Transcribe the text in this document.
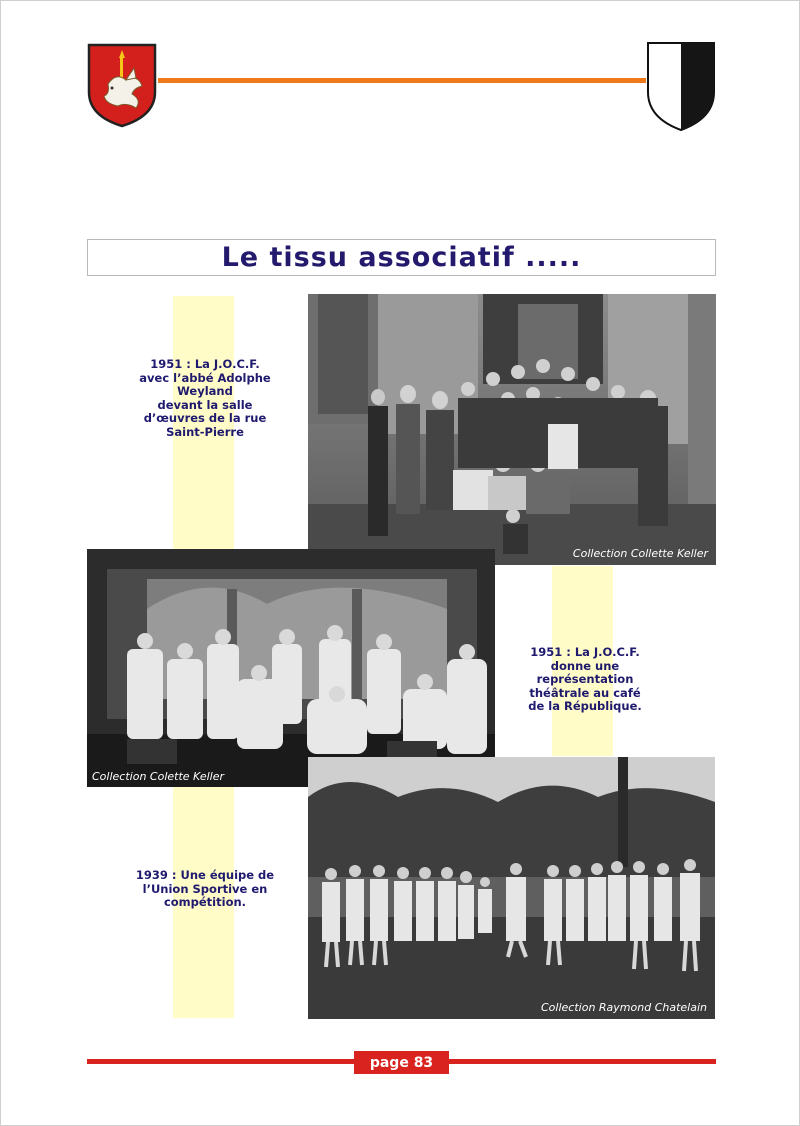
Le tissu associatif .....
1951 : La J.O.C.F.
avec l’abbé Adolphe
Weyland
devant la salle
d’œuvres de la rue
Saint-Pierre
1951 : La J.O.C.F.
donne une
représentation
théâtrale au café
de la République.
1939 : Une équipe de
l’Union Sportive en
compétition.
Collection Collette Keller
Collection Colette Keller
Collection Raymond Chatelain
page 83
